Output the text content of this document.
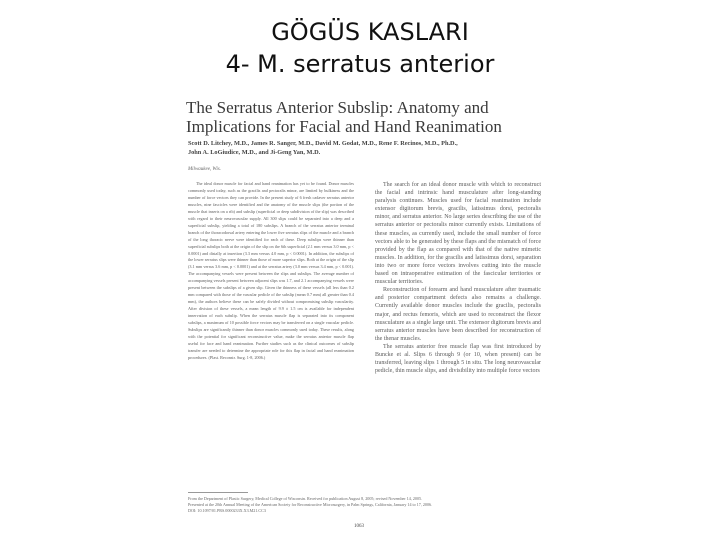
GÖGÜS KASLARI
4- M. serratus anterior
The Serratus Anterior Subslip: Anatomy and
Implications for Facial and Hand Reanimation
Scott D. Litchey, M.D., James R. Sanger, M.D., David M. Godat, M.D., Rene F. Recinos, M.D., Ph.D.,
John A. LoGiudice, M.D., and Ji-Geng Yan, M.D.
Milwaukee, Wis.

The ideal donor muscle for facial and hand reanimation has yet to be found. Donor muscles commonly used today, such as the gracilis and pectoralis minor, are limited by bulkiness and the number of force vectors they can provide. In the present study of 6 fresh cadaver serratus anterior muscles, nine fascicles were identified and the anatomy of the muscle slips (the portion of the muscle that inserts on a rib) and subslip (superficial or deep subdivision of the slip) was described with regard to their neurovascular supply. All 300 slips could be separated into a deep and a superficial subslip, yielding a total of 180 subslips. A branch of the serratus anterior terminal branch of the thoracodorsal artery entering the lower five serratus slips of the muscle and a branch of the long thoracic nerve were identified for each of these. Deep subslips were thinner than superficial subslips both at the origin of the slip on the 6th superficial (2.1 mm versus 3.0 mm, p < 0.0001) and distally at insertion (3.3 mm versus 4.0 mm, p < 0.0001). In addition, the subslips of the lower serratus slips were thinner than those of more superior slips. Both at the origin of the slip (3.1 mm versus 3.6 mm, p < 0.0001) and at the serratus artery (3.0 mm versus 3.4 mm, p < 0.001). The accompanying vessels were present between the slips and subslips. The average number of accompanying vessels present between adjacent slips was 1.7, and 2.1 accompanying vessels were present between the subslips of a given slip. Given the thinness of these vessels (all less than 0.2 mm compared with those of the vascular pedicle of the subslip (mean 0.7 mm) all greater than 0.4 mm), the authors believe these can be safely divided without compromising subslip vascularity. After division of these vessels, a mean length of 9.9 ± 1.5 cm is available for independent innervation of each subslip. When the serratus muscle flap is separated into its component subslips, a maximum of 10 possible force vectors may be transferred on a single vascular pedicle. Subslips are significantly thinner than donor muscles commonly used today. These results, along with the potential for significant reconstructive value, make the serratus anterior muscle flap useful for face and hand reanimation. Further studies such as the clinical outcomes of subslip transfer are needed to determine the appropriate role for this flap in facial and hand reanimation procedures. (Plast. Reconstr. Surg. 1-8, 2006.)

The search for an ideal donor muscle with which to reconstruct the facial and intrinsic hand musculature after long-standing paralysis continues. Muscles used for facial reanimation include extensor digitorum brevis, gracilis, latissimus dorsi, pectoralis minor, and serratus anterior. No large series describing the use of the serratus anterior or pectoralis minor currently exists. Limitations of these muscles, as currently used, include the small number of force vectors able to be generated by these flaps and the mismatch of force provided by the flap as compared with that of the native mimetic muscles. In addition, for the gracilis and latissimus dorsi, separation into two or more force vectors involves cutting into the muscle based on intraoperative estimation of the fascicular territories or muscular territories.

Reconstruction of forearm and hand musculature after traumatic and posterior compartment defects also remains a challenge. Currently available donor muscles include the gracilis, pectoralis major, and rectus femoris, which are used to reconstruct the flexor musculature as a single large unit. The extensor digitorum brevis and serratus anterior muscles have been described for reconstruction of the thenar muscles.

The serratus anterior free muscle flap was first introduced by Buncke et al. Slips 6 through 9 (or 10, when present) can be transferred, leaving slips 1 through 5 in situ. The long neurovascular pedicle, thin muscle slips, and divisibility into multiple force vectors

From the Department of Plastic Surgery, Medical College of Wisconsin. Received for publication August 8, 2005; revised November 14, 2005.
Presented at the 20th Annual Meeting of the American Society for Reconstructive Microsurgery, in Palm Springs, California, January 14 to 17, 2006.
DOI: 10.1097/01.PRS.0000233X.X3.M21.CC3
1063
